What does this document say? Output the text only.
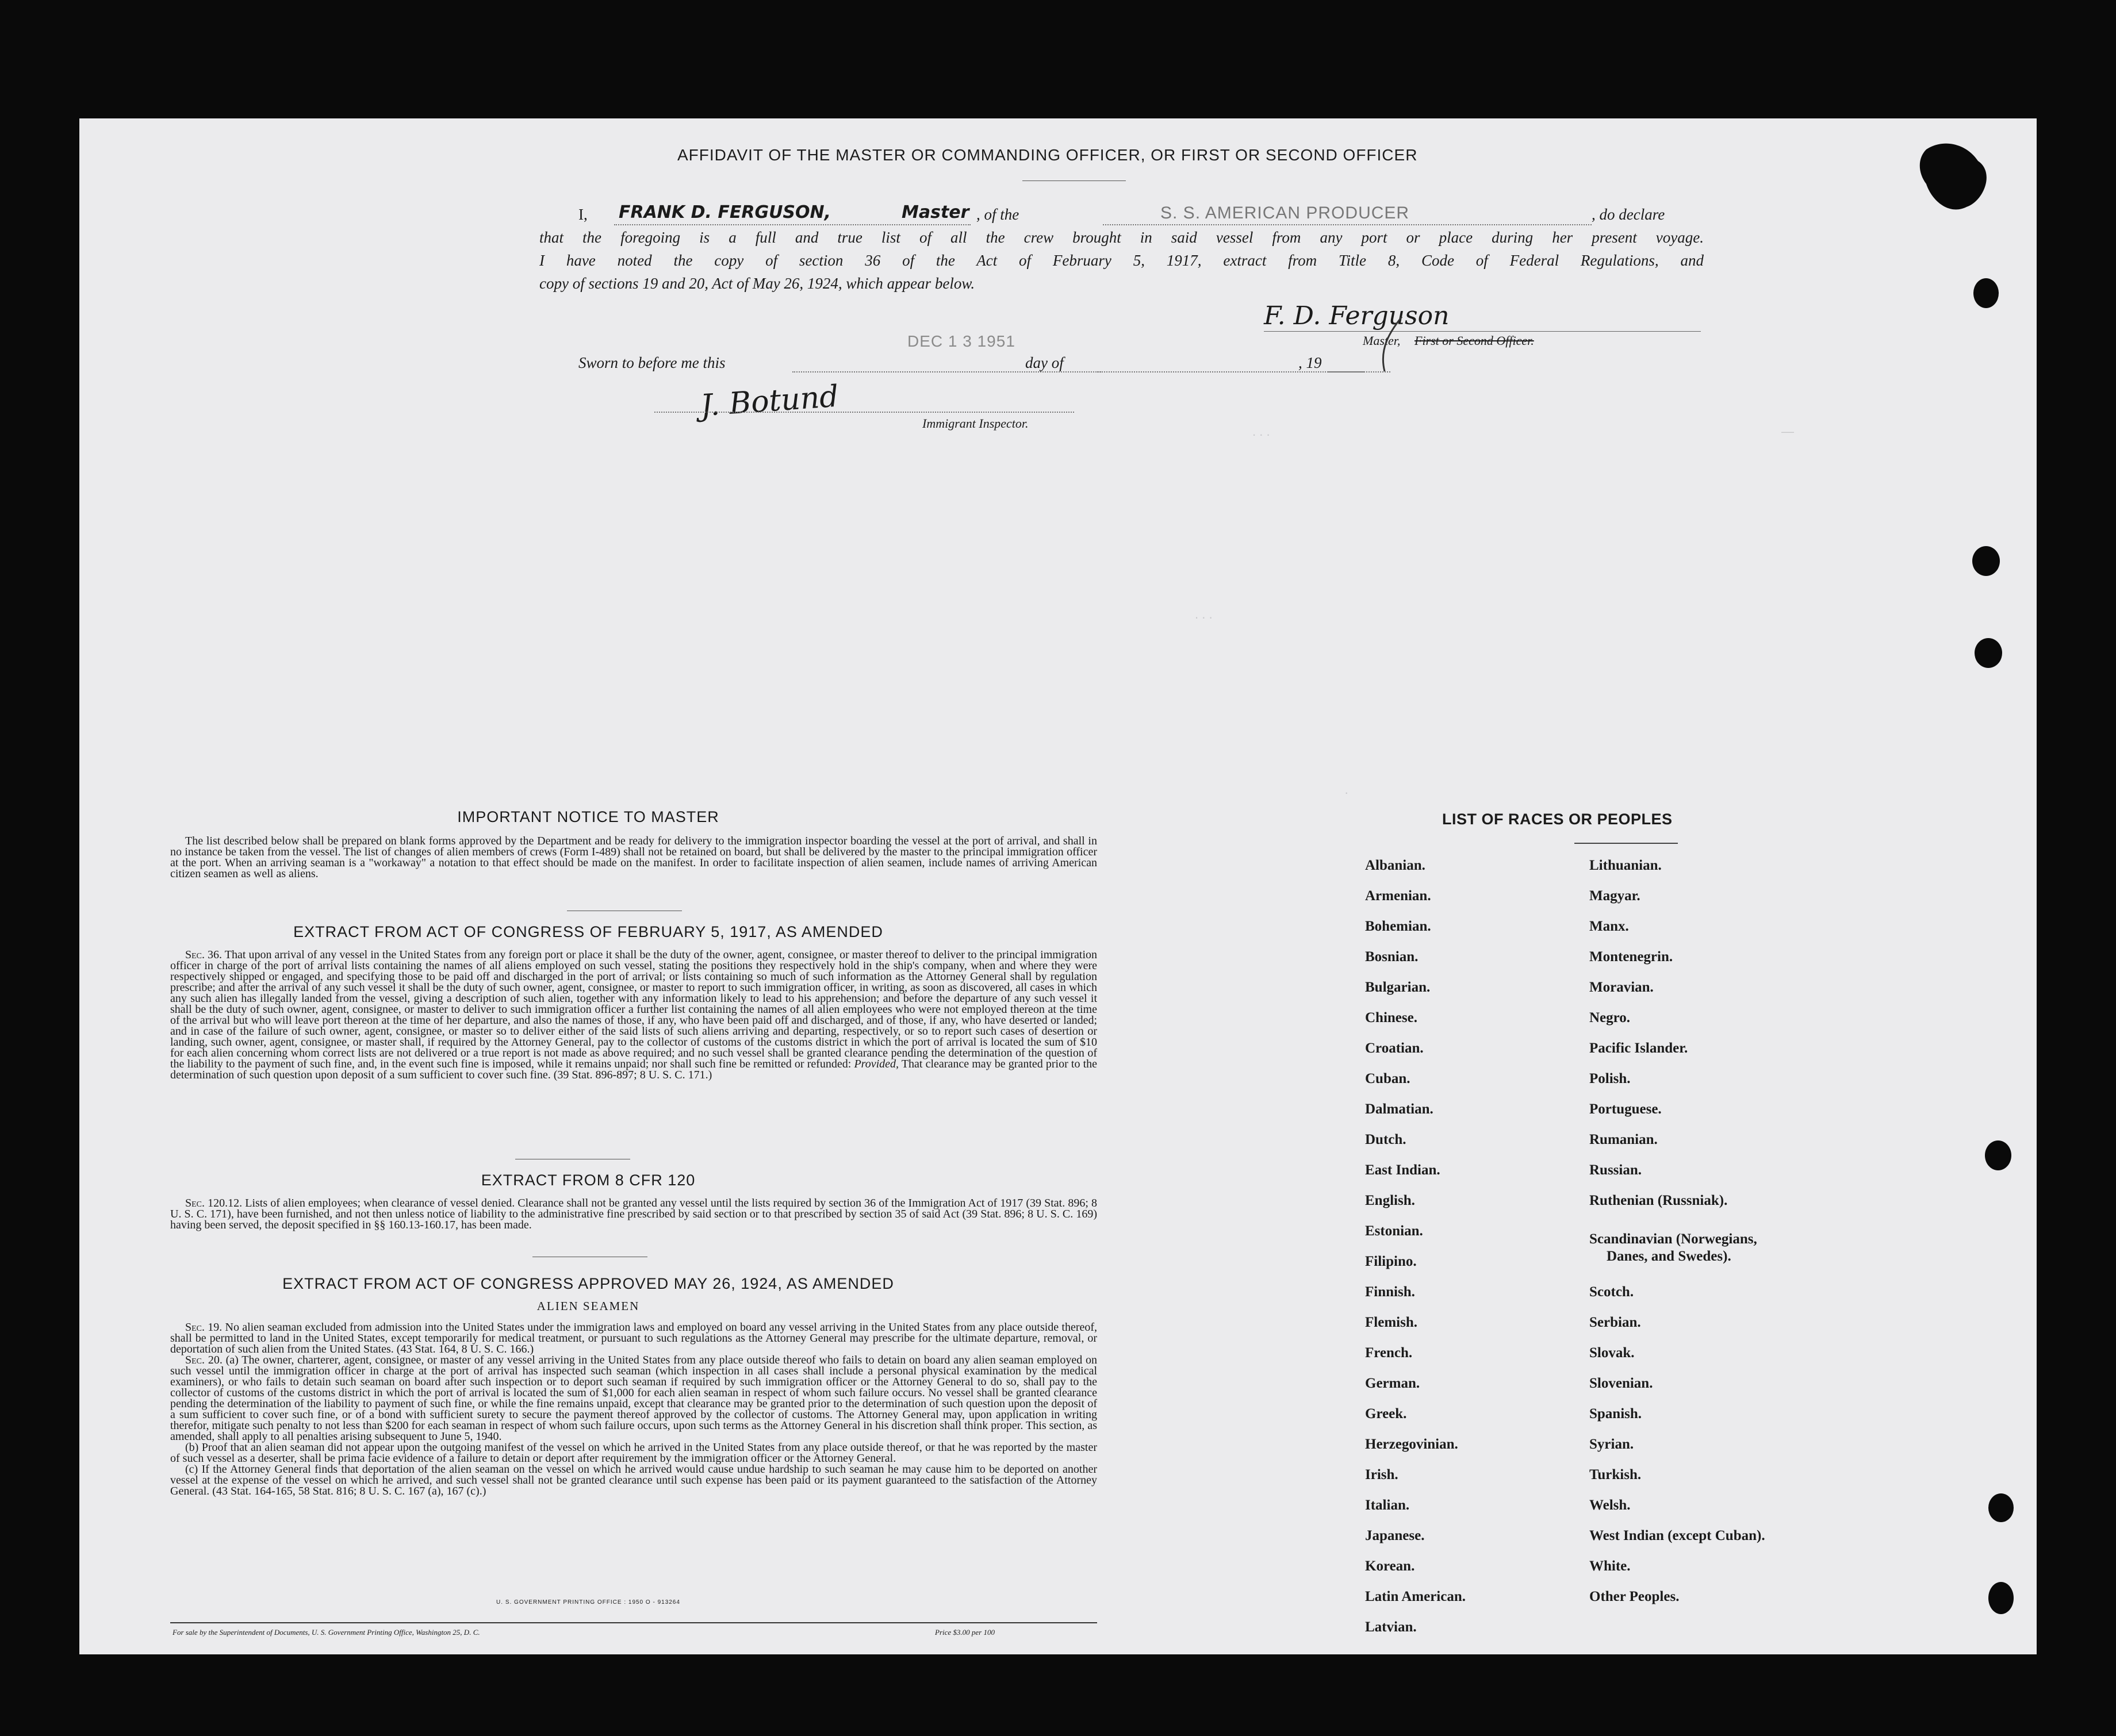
AFFIDAVIT OF THE MASTER OR COMMANDING OFFICER, OR FIRST OR SECOND OFFICER
I, FRANK D. FERGUSON,	Master , of the	S. S. AMERICAN PRODUCER	, do declare
that the foregoing is a full and true list of all the crew brought in said vessel from any port or place during her present voyage.
I have noted the copy of section 36 of the Act of February 5, 1917, extract from Title 8, Code of Federal Regulations, and
copy of sections 19 and 20, Act of May 26, 1924, which appear below.
F. D. Ferguson
Master, First or Second Officer.
Sworn to before me this
DEC 1 3 1951
day of	, 19
J. Botund
Immigrant Inspector.
. . .	—
. . .
·
IMPORTANT NOTICE TO MASTER

The list described below shall be prepared on blank forms approved by the Department and be ready for delivery to the immigration inspector boarding the vessel at the port of arrival, and shall in no instance be taken from the vessel. The list of changes of alien members of crews (Form I-489) shall not be retained on board, but shall be delivered by the master to the principal immigration officer at the port. When an arriving seaman is a "workaway" a notation to that effect should be made on the manifest. In order to facilitate inspection of alien seamen, include names of arriving American citizen seamen as well as aliens.

EXTRACT FROM ACT OF CONGRESS OF FEBRUARY 5, 1917, AS AMENDED

Sec. 36. That upon arrival of any vessel in the United States from any foreign port or place it shall be the duty of the owner, agent, consignee, or master thereof to deliver to the principal immigration officer in charge of the port of arrival lists containing the names of all aliens employed on such vessel, stating the positions they respectively hold in the ship's company, when and where they were respectively shipped or engaged, and specifying those to be paid off and discharged in the port of arrival; or lists containing so much of such information as the Attorney General shall by regulation prescribe; and after the arrival of any such vessel it shall be the duty of such owner, agent, consignee, or master to report to such immigration officer, in writing, as soon as discovered, all cases in which any such alien has illegally landed from the vessel, giving a description of such alien, together with any information likely to lead to his apprehension; and before the departure of any such vessel it shall be the duty of such owner, agent, consignee, or master to deliver to such immigration officer a further list containing the names of all alien employees who were not employed thereon at the time of the arrival but who will leave port thereon at the time of her departure, and also the names of those, if any, who have been paid off and discharged, and of those, if any, who have deserted or landed; and in case of the failure of such owner, agent, consignee, or master so to deliver either of the said lists of such aliens arriving and departing, respectively, or so to report such cases of desertion or landing, such owner, agent, consignee, or master shall, if required by the Attorney General, pay to the collector of customs of the customs district in which the port of arrival is located the sum of $10 for each alien concerning whom correct lists are not delivered or a true report is not made as above required; and no such vessel shall be granted clearance pending the determination of the question of the liability to the payment of such fine, and, in the event such fine is imposed, while it remains unpaid; nor shall such fine be remitted or refunded: Provided, That clearance may be granted prior to the determination of such question upon deposit of a sum sufficient to cover such fine. (39 Stat. 896-897; 8 U. S. C. 171.)

EXTRACT FROM 8 CFR 120

Sec. 120.12. Lists of alien employees; when clearance of vessel denied. Clearance shall not be granted any vessel until the lists required by section 36 of the Immigration Act of 1917 (39 Stat. 896; 8 U. S. C. 171), have been furnished, and not then unless notice of liability to the administrative fine prescribed by said section or to that prescribed by section 35 of said Act (39 Stat. 896; 8 U. S. C. 169) having been served, the deposit specified in §§ 160.13-160.17, has been made.

EXTRACT FROM ACT OF CONGRESS APPROVED MAY 26, 1924, AS AMENDED
ALIEN SEAMEN

Sec. 19. No alien seaman excluded from admission into the United States under the immigration laws and employed on board any vessel arriving in the United States from any place outside thereof, shall be permitted to land in the United States, except temporarily for medical treatment, or pursuant to such regulations as the Attorney General may prescribe for the ultimate departure, removal, or deportation of such alien from the United States. (43 Stat. 164, 8 U. S. C. 166.)

Sec. 20. (a) The owner, charterer, agent, consignee, or master of any vessel arriving in the United States from any place outside thereof who fails to detain on board any alien seaman employed on such vessel until the immigration officer in charge at the port of arrival has inspected such seaman (which inspection in all cases shall include a personal physical examination by the medical examiners), or who fails to detain such seaman on board after such inspection or to deport such seaman if required by such immigration officer or the Attorney General to do so, shall pay to the collector of customs of the customs district in which the port of arrival is located the sum of $1,000 for each alien seaman in respect of whom such failure occurs. No vessel shall be granted clearance pending the determination of the liability to payment of such fine, or while the fine remains unpaid, except that clearance may be granted prior to the determination of such question upon the deposit of a sum sufficient to cover such fine, or of a bond with sufficient surety to secure the payment thereof approved by the collector of customs. The Attorney General may, upon application in writing therefor, mitigate such penalty to not less than $200 for each seaman in respect of whom such failure occurs, upon such terms as the Attorney General in his discretion shall think proper. This section, as amended, shall apply to all penalties arising subsequent to June 5, 1940.

(b) Proof that an alien seaman did not appear upon the outgoing manifest of the vessel on which he arrived in the United States from any place outside thereof, or that he was reported by the master of such vessel as a deserter, shall be prima facie evidence of a failure to detain or deport after requirement by the immigration officer or the Attorney General.

(c) If the Attorney General finds that deportation of the alien seaman on the vessel on which he arrived would cause undue hardship to such seaman he may cause him to be deported on another vessel at the expense of the vessel on which he arrived, and such vessel shall not be granted clearance until such expense has been paid or its payment guaranteed to the satisfaction of the Attorney General. (43 Stat. 164-165, 58 Stat. 816; 8 U. S. C. 167 (a), 167 (c).)

U. S. GOVERNMENT PRINTING OFFICE : 1950 O - 913264
For sale by the Superintendent of Documents, U. S. Government Printing Office, Washington 25, D. C.	Price $3.00 per 100
LIST OF RACES OR PEOPLES
Albanian.
Armenian.
Bohemian.
Bosnian.
Bulgarian.
Chinese.
Croatian.
Cuban.
Dalmatian.
Dutch.
East Indian.
English.
Estonian.
Filipino.
Finnish.
Flemish.
French.
German.
Greek.
Herzegovinian.
Irish.
Italian.
Japanese.
Korean.
Latin American.
Latvian.
Lithuanian.
Magyar.
Manx.
Montenegrin.
Moravian.
Negro.
Pacific Islander.
Polish.
Portuguese.
Rumanian.
Russian.
Ruthenian (Russniak).
Scandinavian (Norwegians,
Danes, and Swedes).
Scotch.
Serbian.
Slovak.
Slovenian.
Spanish.
Syrian.
Turkish.
Welsh.
West Indian (except Cuban).
White.
Other Peoples.
